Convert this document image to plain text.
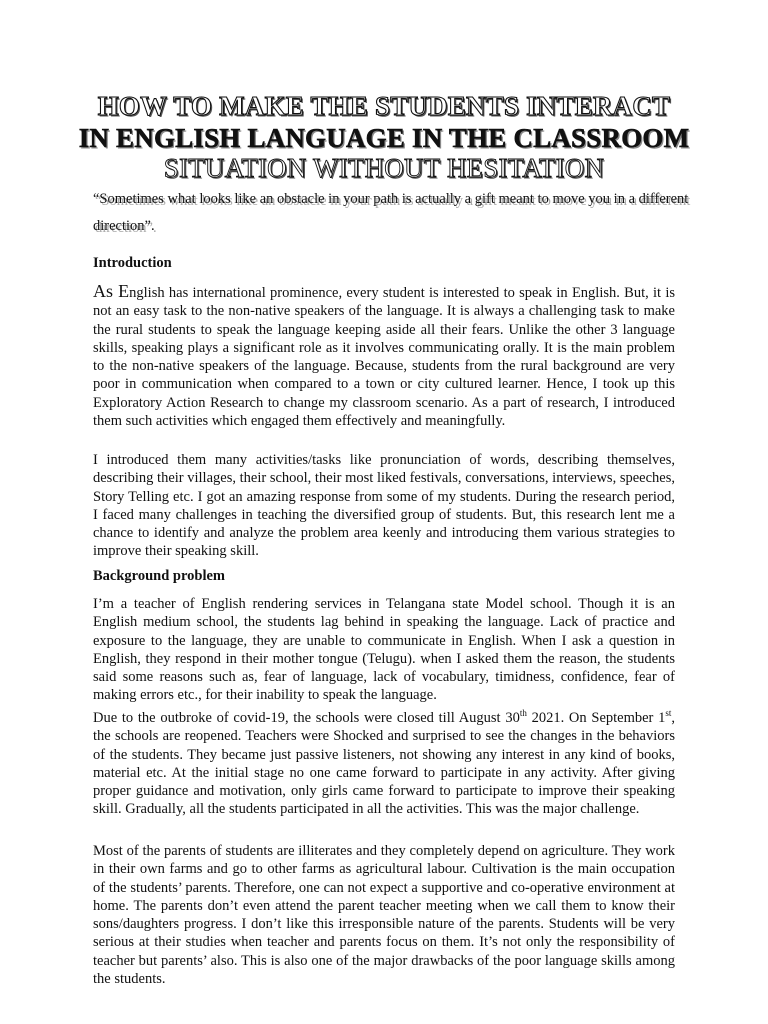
HOW TO MAKE THE STUDENTS INTERACT
IN ENGLISH LANGUAGE IN THE CLASSROOM
SITUATION WITHOUT HESITATION
“Sometimes what looks like an obstacle in your path is actually a gift meant to move you in a different direction”.
Introduction

As English has international prominence, every student is interested to speak in English. But, it is not an easy task to the non-native speakers of the language. It is always a challenging task to make the rural students to speak the language keeping aside all their fears. Unlike the other 3 language skills, speaking plays a significant role as it involves communicating orally. It is the main problem to the non-native speakers of the language. Because, students from the rural background are very poor in communication when compared to a town or city cultured learner. Hence, I took up this Exploratory Action Research to change my classroom scenario. As a part of research, I introduced them such activities which engaged them effectively and meaningfully.

I introduced them many activities/tasks like pronunciation of words, describing themselves, describing their villages, their school, their most liked festivals, conversations, interviews, speeches, Story Telling etc. I got an amazing response from some of my students. During the research period, I faced many challenges in teaching the diversified group of students. But, this research lent me a chance to identify and analyze the problem area keenly and introducing them various strategies to improve their speaking skill.

Background problem

I’m a teacher of English rendering services in Telangana state Model school. Though it is an English medium school, the students lag behind in speaking the language. Lack of practice and exposure to the language, they are unable to communicate in English. When I ask a question in English, they respond in their mother tongue (Telugu). when I asked them the reason, the students said some reasons such as, fear of language, lack of vocabulary, timidness, confidence, fear of making errors etc., for their inability to speak the language.

Due to the outbroke of covid-19, the schools were closed till August 30th 2021. On September 1st, the schools are reopened. Teachers were Shocked and surprised to see the changes in the behaviors of the students. They became just passive listeners, not showing any interest in any kind of books, material etc. At the initial stage no one came forward to participate in any activity. After giving proper guidance and motivation, only girls came forward to participate to improve their speaking skill. Gradually, all the students participated in all the activities. This was the major challenge.

Most of the parents of students are illiterates and they completely depend on agriculture. They work in their own farms and go to other farms as agricultural labour. Cultivation is the main occupation of the students’ parents. Therefore, one can not expect a supportive and co-operative environment at home. The parents don’t even attend the parent teacher meeting when we call them to know their sons/daughters progress. I don’t like this irresponsible nature of the parents. Students will be very serious at their studies when teacher and parents focus on them. It’s not only the responsibility of teacher but parents’ also. This is also one of the major drawbacks of the poor language skills among the students.
